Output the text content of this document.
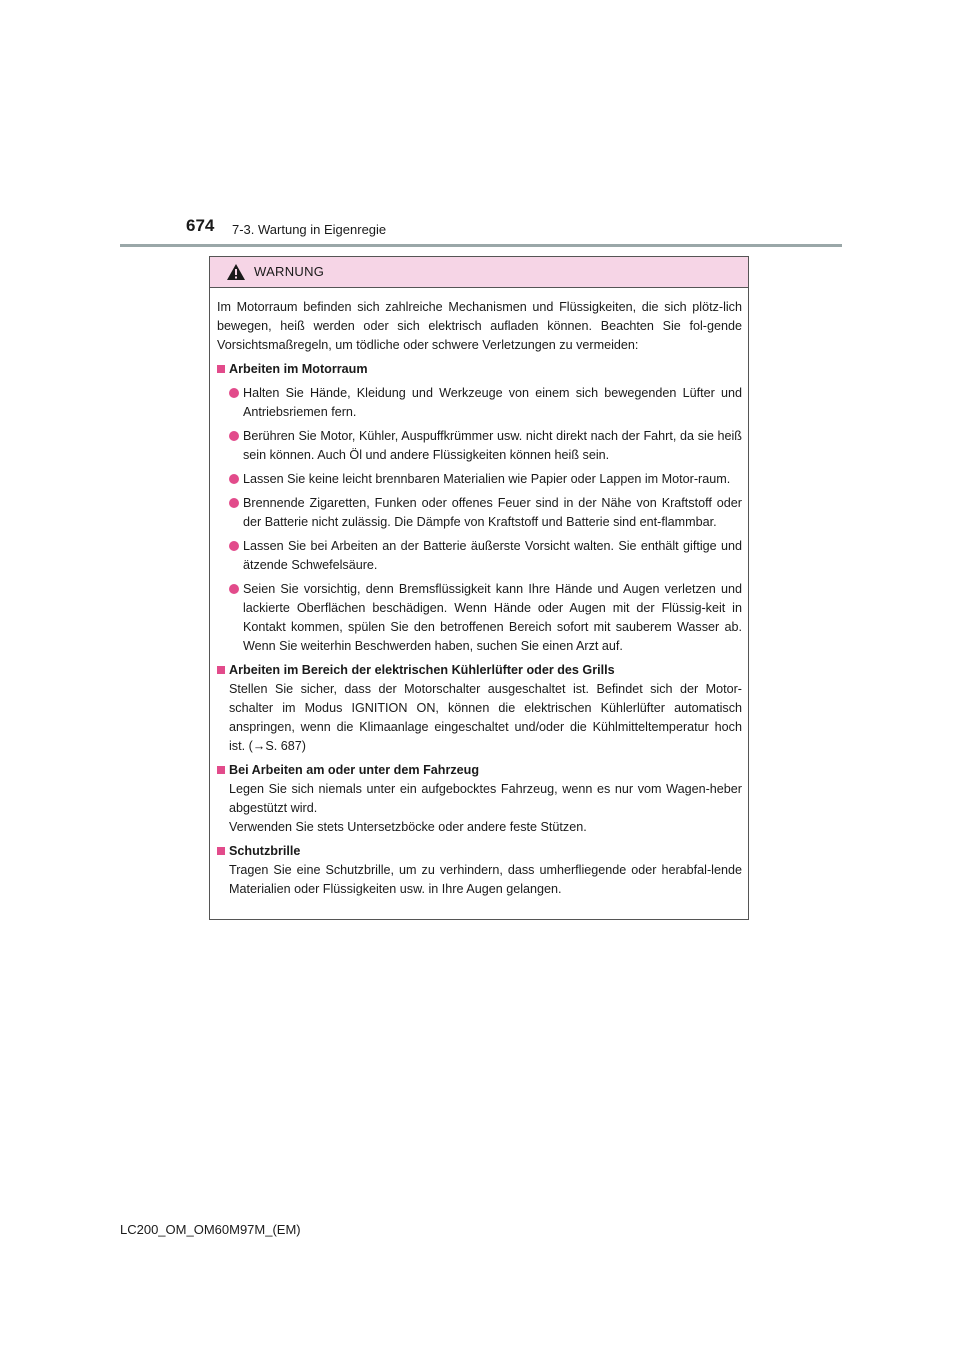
674 7-3. Wartung in Eigenregie
WARNUNG

Im Motorraum befinden sich zahlreiche Mechanismen und Flüssigkeiten, die sich plötz-lich bewegen, heiß werden oder sich elektrisch aufladen können. Beachten Sie fol-gende Vorsichtsmaßregeln, um tödliche oder schwere Verletzungen zu vermeiden:

Arbeiten im Motorraum

Halten Sie Hände, Kleidung und Werkzeuge von einem sich bewegenden Lüfter und Antriebsriemen fern.

Berühren Sie Motor, Kühler, Auspuffkrümmer usw. nicht direkt nach der Fahrt, da sie heiß sein können. Auch Öl und andere Flüssigkeiten können heiß sein.

Lassen Sie keine leicht brennbaren Materialien wie Papier oder Lappen im Motor-raum.

Brennende Zigaretten, Funken oder offenes Feuer sind in der Nähe von Kraftstoff oder der Batterie nicht zulässig. Die Dämpfe von Kraftstoff und Batterie sind ent-flammbar.

Lassen Sie bei Arbeiten an der Batterie äußerste Vorsicht walten. Sie enthält giftige und ätzende Schwefelsäure.

Seien Sie vorsichtig, denn Bremsflüssigkeit kann Ihre Hände und Augen verletzen und lackierte Oberflächen beschädigen. Wenn Hände oder Augen mit der Flüssig-keit in Kontakt kommen, spülen Sie den betroffenen Bereich sofort mit sauberem Wasser ab. Wenn Sie weiterhin Beschwerden haben, suchen Sie einen Arzt auf.

Arbeiten im Bereich der elektrischen Kühlerlüfter oder des Grills

Stellen Sie sicher, dass der Motorschalter ausgeschaltet ist. Befindet sich der Motor-schalter im Modus IGNITION ON, können die elektrischen Kühlerlüfter automatisch anspringen, wenn die Klimaanlage eingeschaltet und/oder die Kühlmitteltemperatur hoch ist. (→S. 687)

Bei Arbeiten am oder unter dem Fahrzeug

Legen Sie sich niemals unter ein aufgebocktes Fahrzeug, wenn es nur vom Wagen-heber abgestützt wird.

Verwenden Sie stets Untersetzböcke oder andere feste Stützen.

Schutzbrille

Tragen Sie eine Schutzbrille, um zu verhindern, dass umherfliegende oder herabfal-lende Materialien oder Flüssigkeiten usw. in Ihre Augen gelangen.

LC200_OM_OM60M97M_(EM)
